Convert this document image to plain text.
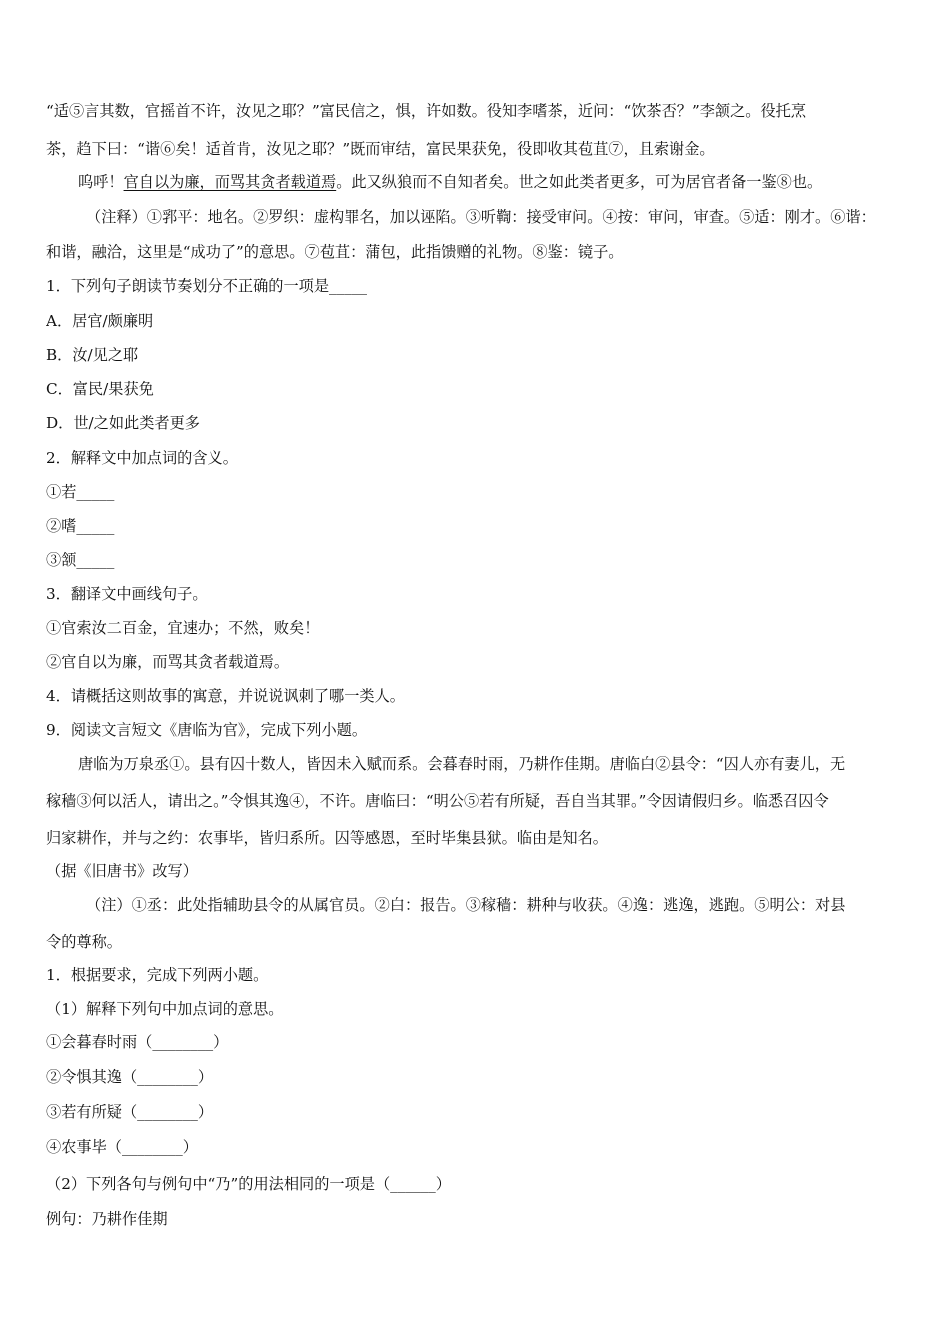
“适⑤言其数，官摇首不许，汝见之耶？”富民信之，惧，许如数。役知李嗜茶，近问：“饮茶否？”李颔之。役托烹
茶，趋下曰：“谐⑥矣！适首肯，汝见之耶？”既而审结，富民果获免，役即收其苞苴⑦，且索谢金。
呜呼！官自以为廉，而骂其贪者载道焉。此又纵狼而不自知者矣。世之如此类者更多，可为居官者备一鉴⑧也。
（注释）①郛平：地名。②罗织：虚构罪名，加以诬陷。③听鞫：接受审问。④按：审问，审查。⑤适：刚才。⑥谐：
和谐，融洽，这里是“成功了”的意思。⑦苞苴：蒲包，此指馈赠的礼物。⑧鉴：镜子。
1．下列句子朗读节奏划分不正确的一项是_____
A．居官/颇廉明
B．汝/见之耶
C．富民/果获免
D．世/之如此类者更多
2．解释文中加点词的含义。
①若_____
②嗜_____
③颔_____
3．翻译文中画线句子。
①官索汝二百金，宜速办；不然，败矣！
②官自以为廉，而骂其贪者载道焉。
4．请概括这则故事的寓意，并说说讽刺了哪一类人。
9．阅读文言短文《唐临为官》，完成下列小题。
唐临为万泉丞①。县有囚十数人，皆因未入赋而系。会暮春时雨，乃耕作佳期。唐临白②县令：“囚人亦有妻儿，无
稼穑③何以活人，请出之。”令惧其逸④，不许。唐临曰：“明公⑤若有所疑，吾自当其罪。”令因请假归乡。临悉召囚令
归家耕作，并与之约：农事毕，皆归系所。囚等感恩，至时毕集县狱。临由是知名。
（据《旧唐书》改写）
（注）①丞：此处指辅助县令的从属官员。②白：报告。③稼穑：耕种与收获。④逸：逃逸，逃跑。⑤明公：对县
令的尊称。
1．根据要求，完成下列两小题。
（1）解释下列句中加点词的意思。
①会暮春时雨（________）
②令惧其逸（________）
③若有所疑（________）
④农事毕（________）
（2）下列各句与例句中“乃”的用法相同的一项是（______）
例句：乃耕作佳期
